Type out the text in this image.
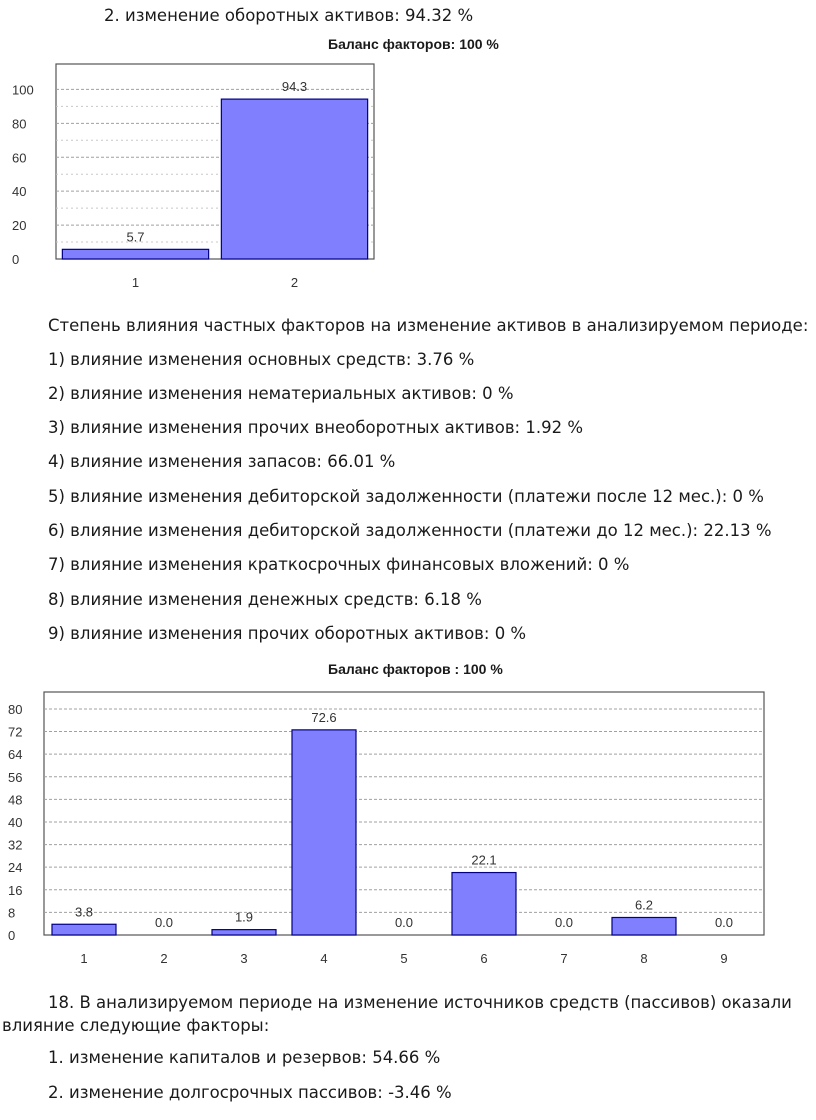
2. изменение оборотных активов: 94.32 %
Баланс факторов: 100 %
0
20
40
60
80
100
5.7
1
94.3
2
Степень влияния частных факторов на изменение активов в анализируемом периоде:
1) влияние изменения основных средств: 3.76 %
2) влияние изменения нематериальных активов: 0 %
3) влияние изменения прочих внеоборотных активов: 1.92 %
4) влияние изменения запасов: 66.01 %
5) влияние изменения дебиторской задолженности (платежи после 12 мес.): 0 %
6) влияние изменения дебиторской задолженности (платежи до 12 мес.): 22.13 %
7) влияние изменения краткосрочных финансовых вложений: 0 %
8) влияние изменения денежных средств: 6.18 %
9) влияние изменения прочих оборотных активов: 0 %
Баланс факторов : 100 %
0
8
16
24
32
40
48
56
64
72
80
3.8
1
0.0
2
1.9
3
72.6
4
0.0
5
22.1
6
0.0
7
6.2
8
0.0
9
18. В анализируемом периоде на изменение источников средств (пассивов) оказали
влияние следующие факторы:
1. изменение капиталов и резервов: 54.66 %
2. изменение долгосрочных пассивов: -3.46 %
